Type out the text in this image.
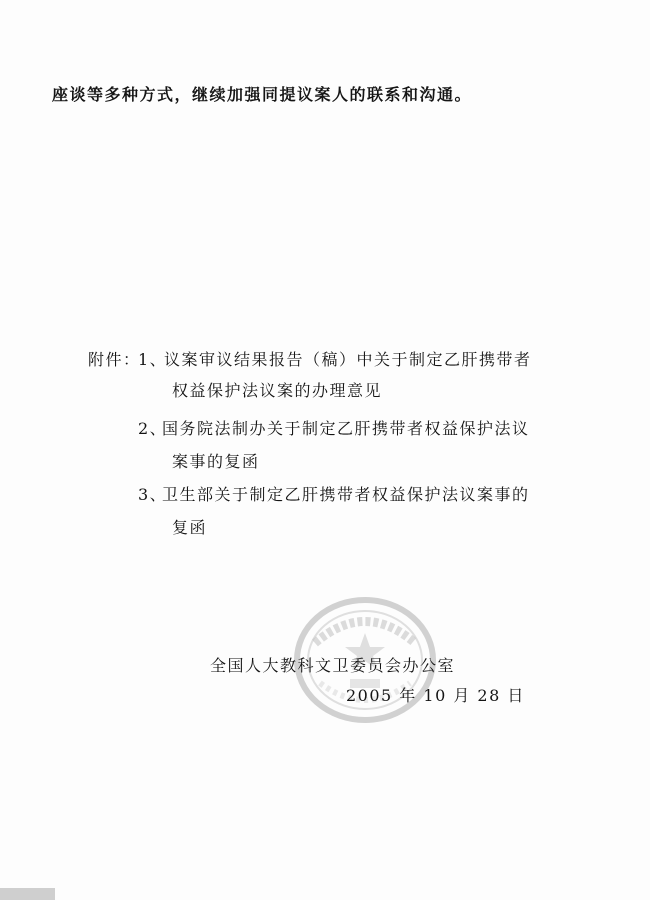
座谈等多种方式，继续加强同提议案人的联系和沟通。
附件：
1、
议案审议结果报告（稿）中关于制定乙肝携带者
权益保护法议案的办理意见
2、
国务院法制办关于制定乙肝携带者权益保护法议
案事的复函
3、
卫生部关于制定乙肝携带者权益保护法议案事的
复函
全国人大教科文卫委员会办公室
2005 年 10 月 28 日
